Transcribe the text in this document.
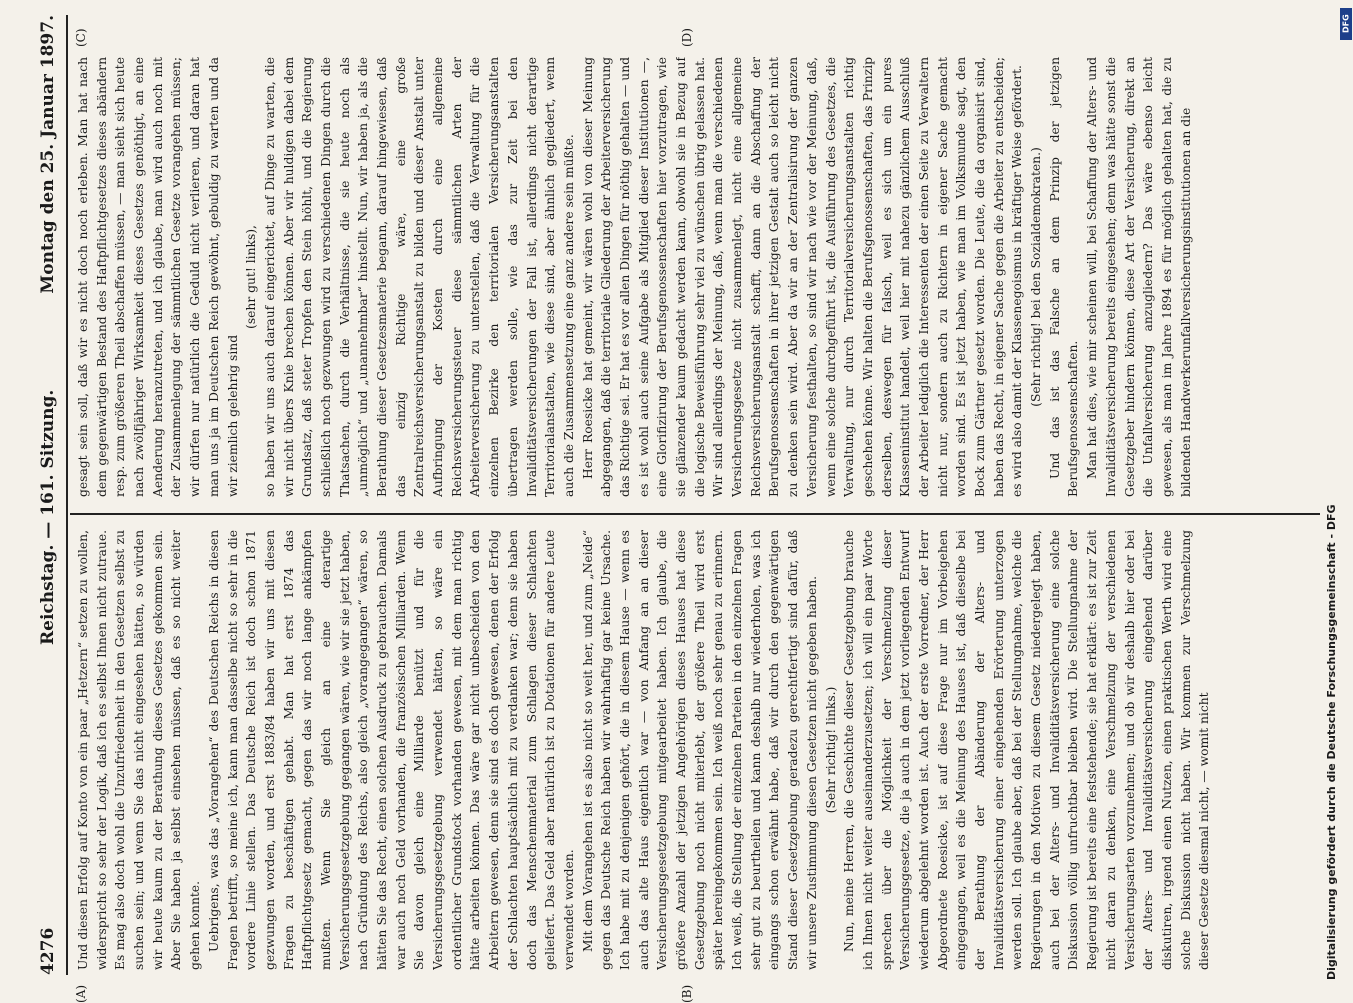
4276
Reichstag. — 161. Sitzung.
Montag den 25. Januar 1897.
(A)	(B)
(C)	(D)

Und diesen Erfolg auf Konto von ein paar „Hetzern“ setzen zu wollen, widerspricht so sehr der Logik, daß ich es selbst Ihnen nicht zutraue. Es mag also doch wohl die Unzufriedenheit in den Gesetzen selbst zu suchen sein; und wenn Sie das nicht eingesehen hätten, so würden wir heute kaum zu der Berathung dieses Gesetzes gekommen sein. Aber Sie haben ja selbst einsehen müssen, daß es so nicht weiter gehen konnte. Uebrigens, was das „Vorangehen“ des Deutschen Reichs in diesen Fragen betrifft, so meine ich, kann man dasselbe nicht so sehr in die vordere Linie stellen. Das Deutsche Reich ist doch schon 1871 gezwungen worden, und erst 1883/84 haben wir uns mit diesen Fragen zu beschäftigen gehabt. Man hat erst 1874 das Haftpflichtgesetz gemacht, gegen das wir noch lange ankämpfen mußten. Wenn Sie gleich an eine derartige Versicherungsgesetzgebung gegangen wären, wie wir sie jetzt haben, nach Gründung des Reichs, also gleich „vorangegangen“ wären, so hätten Sie das Recht, einen solchen Ausdruck zu gebrauchen. Damals war auch noch Geld vorhanden, die französischen Milliarden. Wenn Sie davon gleich eine Milliarde benützt und für die Versicherungsgesetzgebung verwendet hätten, so wäre ein ordentlicher Grundstock vorhanden gewesen, mit dem man richtig hätte arbeiten können. Das wäre gar nicht unbescheiden von den Arbeitern gewesen, denn sie sind es doch gewesen, denen der Erfolg der Schlachten hauptsächlich mit zu verdanken war; denn sie haben doch das Menschenmaterial zum Schlagen dieser Schlachten geliefert. Das Geld aber natürlich ist zu Dotationen für andere Leute verwendet worden. Mit dem Vorangehen ist es also nicht so weit her, und zum „Neide“ gegen das Deutsche Reich haben wir wahrhaftig gar keine Ursache. Ich habe mit zu denjenigen gehört, die in diesem Hause — wenn es auch das alte Haus eigentlich war — von Anfang an an dieser Versicherungsgesetzgebung mitgearbeitet haben. Ich glaube, die größere Anzahl der jetzigen Angehörigen dieses Hauses hat diese Gesetzgebung noch nicht miterlebt, der größere Theil wird erst später hereingekommen sein. Ich weiß noch sehr genau zu erinnern. Ich weiß, die Stellung der einzelnen Parteien in den einzelnen Fragen sehr gut zu beurtheilen und kann deshalb nur wiederholen, was ich eingangs schon erwähnt habe, daß wir durch den gegenwärtigen Stand dieser Gesetzgebung geradezu gerechtfertigt sind dafür, daß wir unsere Zustimmung diesen Gesetzen nicht gegeben haben. (Sehr richtig! links.) Nun, meine Herren, die Geschichte dieser Gesetzgebung brauche ich Ihnen nicht weiter auseinanderzusetzen; ich will ein paar Worte sprechen über die Möglichkeit der Verschmelzung dieser Versicherungsgesetze, die ja auch in dem jetzt vorliegenden Entwurf wiederum abgelehnt worden ist. Auch der erste Vorredner, der Herr Abgeordnete Roesicke, ist auf diese Frage nur im Vorbeigehen eingegangen, weil es die Meinung des Hauses ist, daß dieselbe bei der Berathung der Abänderung der Alters- und Invaliditätsversicherung einer eingehenden Erörterung unterzogen werden soll. Ich glaube aber, daß bei der Stellungnahme, welche die Regierungen in den Motiven zu diesem Gesetz niedergelegt haben, auch bei der Alters- und Invaliditätsversicherung eine solche Diskussion völlig unfruchtbar bleiben wird. Die Stellungnahme der Regierung ist bereits eine feststehende; sie hat erklärt: es ist zur Zeit nicht daran zu denken, eine Verschmelzung der verschiedenen Versicherungsarten vorzunehmen; und ob wir deshalb hier oder bei der Alters- und Invaliditätsversicherung eingehend darüber diskutiren, irgend einen Nutzen, einen praktischen Werth wird eine solche Diskussion nicht haben. Wir kommen zur Verschmelzung dieser Gesetze diesmal nicht, — womit nicht

gesagt sein soll, daß wir es nicht doch noch erleben. Man hat nach dem gegenwärtigen Bestand des Haftpflichtgesetzes dieses abändern resp. zum größeren Theil abschaffen müssen, — man sieht sich heute nach zwölfjähriger Wirksamkeit dieses Gesetzes genöthigt, an eine Aenderung heranzutreten, und ich glaube, man wird auch noch mit der Zusammenlegung der sämmtlichen Gesetze vorangehen müssen; wir dürfen nur natürlich die Geduld nicht verlieren, und daran hat man uns ja im Deutschen Reich gewöhnt, gebuldig zu warten und da wir ziemlich gelehrig sind

(sehr gut! links), so haben wir uns auch darauf eingerichtet, auf Dinge zu warten, die wir nicht übers Knie brechen können. Aber wir huldigen dabei dem Grundsatz, daß steter Tropfen den Stein höhlt, und die Regierung schließlich noch gezwungen wird zu verschiedenen Dingen durch die Thatsachen, durch die Verhältnisse, die sie heute noch als „unmöglich“ und „unannehmbar“ hinstellt. Nun, wir haben ja, als die Berathung dieser Gesetzesmaterie begann, darauf hingewiesen, daß das einzig Richtige wäre, eine große Zentralreichsversicherungsanstalt zu bilden und dieser Anstalt unter Aufbringung der Kosten durch eine allgemeine Reichsversicherungssteuer diese sämmtlichen Arten der Arbeiterversicherung zu unterstellen, daß die Verwaltung für die einzelnen Bezirke den territorialen Versicherungsanstalten übertragen werden solle, wie das zur Zeit bei den Invaliditätsversicherungen der Fall ist, allerdings nicht derartige Territorialanstalten, wie diese sind, aber ähnlich gegliedert, wenn auch die Zusammensetzung eine ganz andere sein müßte. Herr Roesicke hat gemeint, wir wären wohl von dieser Meinung abgegangen, daß die territoriale Gliederung der Arbeiterversicherung das Richtige sei. Er hat es vor allen Dingen für nöthig gehalten — und es ist wohl auch seine Aufgabe als Mitglied dieser Institutionen —, eine Glorifizirung der Berufsgenossenschaften hier vorzutragen, wie sie glänzender kaum gedacht werden kann, obwohl sie in Bezug auf die logische Beweisführung sehr viel zu wünschen übrig gelassen hat. Wir sind allerdings der Meinung, daß, wenn man die verschiedenen Versicherungsgesetze nicht zusammenlegt, nicht eine allgemeine Reichsversicherungsanstalt schafft, dann an die Abschaffung der Berufsgenossenschaften in ihrer jetzigen Gestalt auch so leicht nicht zu denken sein wird. Aber da wir an der Zentralisirung der ganzen Versicherung festhalten, so sind wir nach wie vor der Meinung, daß, wenn eine solche durchgeführt ist, die Ausführung des Gesetzes, die Verwaltung, nur durch Territorialversicherungsanstalten richtig geschehen könne. Wir halten die Berufsgenossenschaften, das Prinzip derselben, deswegen für falsch, weil es sich um ein pures Klasseninstitut handelt, weil hier mit nahezu gänzlichem Ausschluß der Arbeiter lediglich die Interessenten der einen Seite zu Verwaltern nicht nur, sondern auch zu Richtern in eigener Sache gemacht worden sind. Es ist jetzt haben, wie man im Volksmunde sagt, den Bock zum Gärtner gesetzt worden. Die Leute, die da organisirt sind, haben das Recht, in eigener Sache gegen die Arbeiter zu entscheiden; es wird also damit der Klassenegoismus in kräftiger Weise gefördert. (Sehr richtig! bei den Sozialdemokraten.) Und das ist das Falsche an dem Prinzip der jetzigen Berufsgenossenschaften. Man hat dies, wie mir scheinen will, bei Schaffung der Alters- und Invaliditätsversicherung bereits eingesehen; denn was hätte sonst die Gesetzgeber hindern können, diese Art der Versicherung, direkt an die Unfallversicherung anzugliedern? Das wäre ebenso leicht gewesen, als man im Jahre 1894 es für möglich gehalten hat, die zu bildenden Handwerkerunfallversicherungsinstitutionen an die

Digitalisierung gefördert durch die Deutsche Forschungsgemeinschaft - DFG
DFG
